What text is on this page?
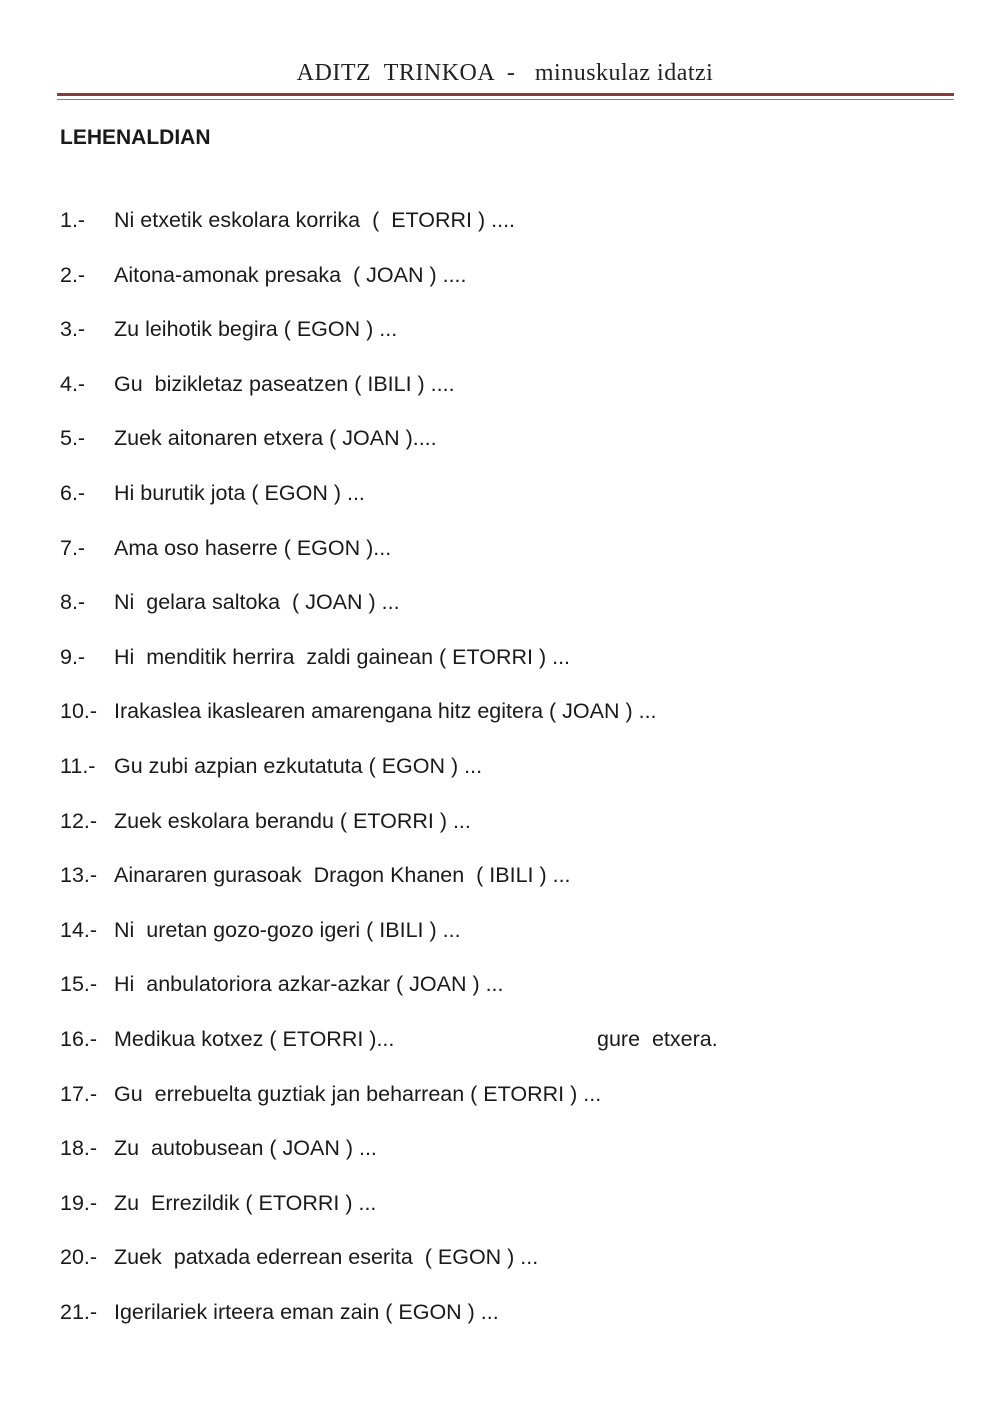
ADITZ  TRINKOA  -   minuskulaz idatzi
LEHENALDIAN
1.- Ni etxetik eskolara korrika  (  ETORRI ) ....
2.- Aitona-amonak presaka  ( JOAN ) ....
3.- Zu leihotik begira ( EGON ) ...
4.- Gu  bizikletaz paseatzen ( IBILI ) ....
5.- Zuek aitonaren etxera ( JOAN )....
6.- Hi burutik jota ( EGON ) ...
7.- Ama oso haserre ( EGON )...
8.- Ni  gelara saltoka  ( JOAN ) ...
9.- Hi  menditik herrira  zaldi gainean ( ETORRI ) ...
10.- Irakaslea ikaslearen amarengana hitz egitera ( JOAN ) ...
11.- Gu zubi azpian ezkutatuta ( EGON ) ...
12.- Zuek eskolara berandu ( ETORRI ) ...
13.- Ainararen gurasoak  Dragon Khanen  ( IBILI ) ...
14.- Ni  uretan gozo-gozo igeri ( IBILI ) ...
15.- Hi  anbulatoriora azkar-azkar ( JOAN ) ...
16.- Medikua kotxez ( ETORRI )...	gure  etxera.
17.- Gu  errebuelta guztiak jan beharrean ( ETORRI ) ...
18.- Zu  autobusean ( JOAN ) ...
19.- Zu  Errezildik ( ETORRI ) ...
20.- Zuek  patxada ederrean eserita  ( EGON ) ...
21.- Igerilariek irteera eman zain ( EGON ) ...
